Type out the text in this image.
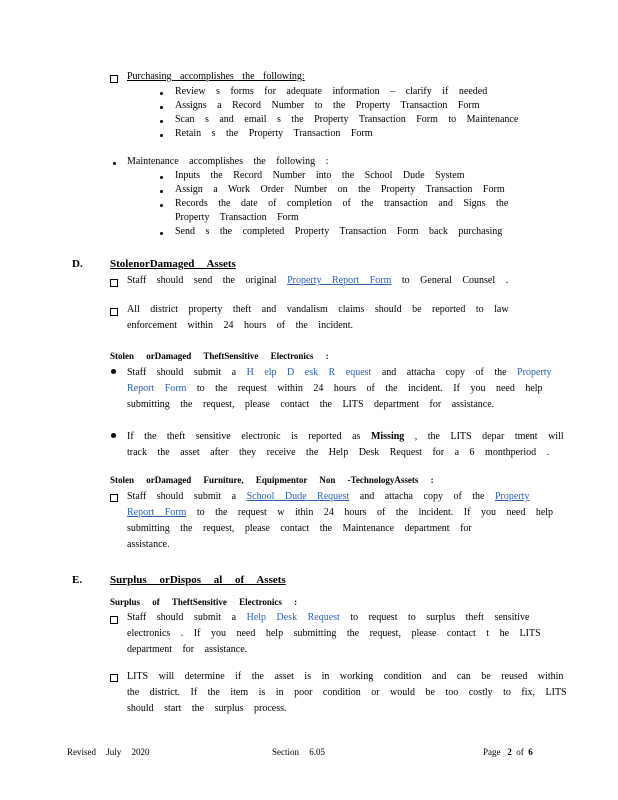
Purchasing accomplishes the following:
Review s forms for adequate information – clarify if needed
Assigns a Record Number to the Property Transaction Form
Scan s and email s the Property Transaction Form to Maintenance
Retain s the Property Transaction Form
Maintenance accomplishes the following :
Inputs the Record Number into the School Dude System
Assign a Work Order Number on the Property Transaction Form
Records the date of completion of the transaction and Signs the
Property Transaction Form
Send s the completed Property Transaction Form back purchasing
D. StolenorDamaged Assets
Staff should send the original Property Report Form to General Counsel .
All district property theft and vandalism claims should be reported to law
enforcement within 24 hours of the incident.
Stolen orDamaged TheftSensitive Electronics :
Staff should submit a H elp D esk R equest and attacha copy of the Property
Report Form to the request within 24 hours of the incident. If you need help
submitting the request, please contact the LITS department for assistance.
If the theft sensitive electronic is reported as Missing , the LITS depar tment will
track the asset after they receive the Help Desk Request for a 6 monthperiod .
Stolen orDamaged Furniture, Equipmentor Non -TechnologyAssets :
Staff should submit a School Dude Request and attacha copy of the Property
Report Form to the request w ithin 24 hours of the incident. If you need help
submitting the request, please contact the Maintenance department for
assistance.
E.	Surplus orDispos al of Assets
Surplus of TheftSensitive Electronics :
Staff should submit a Help Desk Request to request to surplus theft sensitive
electronics . If you need help submitting the request, please contact t he LITS
department for assistance.
LITS will determine if the asset is in working condition and can be reused within
the district. If the item is in poor condition or would be too costly to fix, LITS
should start the surplus process.
Revised July 2020	Section 6.05	Page 2 of 6
